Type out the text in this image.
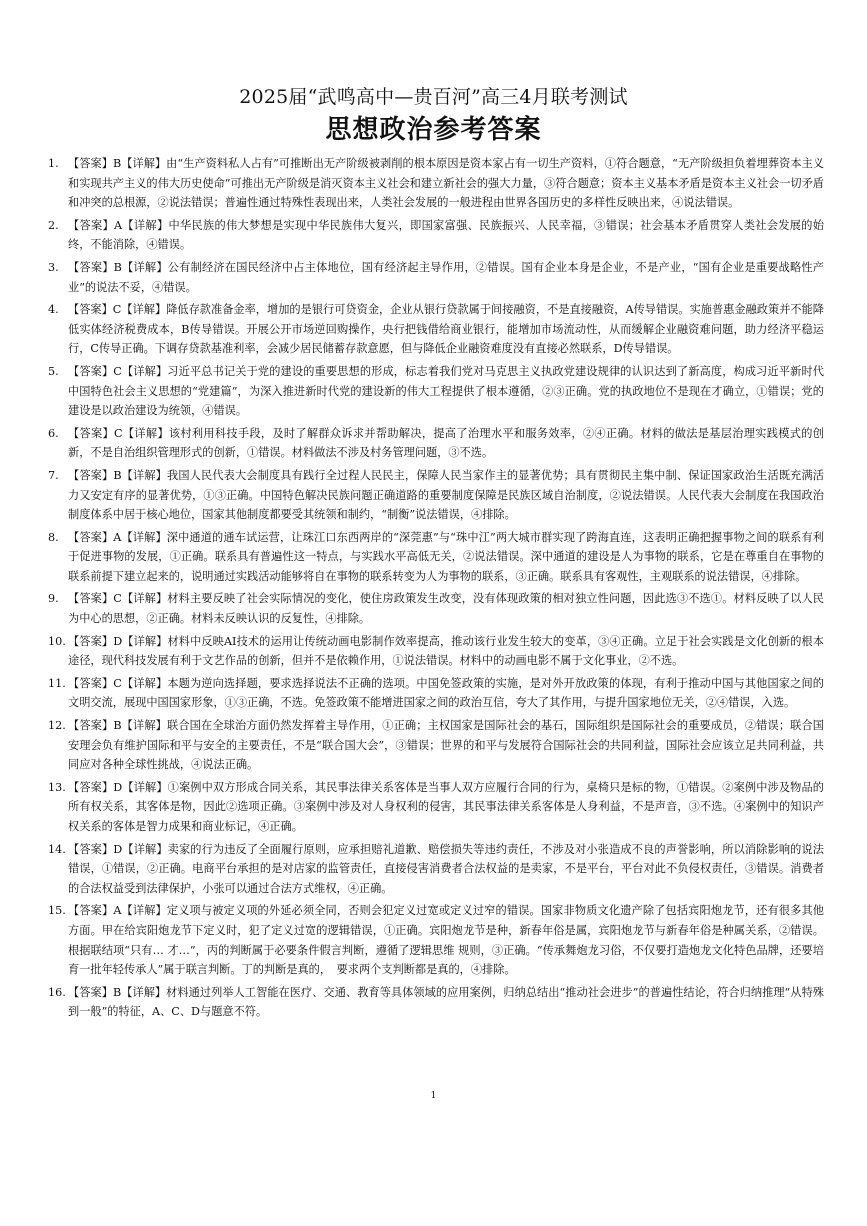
2025届“武鸣高中—贵百河”高三4月联考测试
思想政治参考答案
1. 【答案】B【详解】由“生产资料私人占有”可推断出无产阶级被剥削的根本原因是资本家占有一切生产资料，①符合题意，“无产阶级担负着埋葬资本主义和实现共产主义的伟大历史使命”可推出无产阶级是消灭资本主义社会和建立新社会的强大力量，③符合题意；资本主义基本矛盾是资本主义社会一切矛盾和冲突的总根源，②说法错误；普遍性通过特殊性表现出来，人类社会发展的一般进程由世界各国历史的多样性反映出来，④说法错误。
2. 【答案】A【详解】中华民族的伟大梦想是实现中华民族伟大复兴，即国家富强、民族振兴、人民幸福，③错误；社会基本矛盾贯穿人类社会发展的始终，不能消除，④错误。
3. 【答案】B【详解】公有制经济在国民经济中占主体地位，国有经济起主导作用，②错误。国有企业本身是企业，不是产业，“国有企业是重要战略性产业”的说法不妥，④错误。
4. 【答案】C【详解】降低存款准备金率，增加的是银行可贷资金，企业从银行贷款属于间接融资，不是直接融资，A传导错误。实施普惠金融政策并不能降低实体经济税费成本，B传导错误。开展公开市场逆回购操作，央行把钱借给商业银行，能增加市场流动性，从而缓解企业融资难问题，助力经济平稳运行，C传导正确。下调存贷款基准利率，会减少居民储蓄存款意愿，但与降低企业融资难度没有直接必然联系，D传导错误。
5. 【答案】C【详解】习近平总书记关于党的建设的重要思想的形成，标志着我们党对马克思主义执政党建设规律的认识达到了新高度，构成习近平新时代中国特色社会主义思想的“党建篇”，为深入推进新时代党的建设新的伟大工程提供了根本遵循，②③正确。党的执政地位不是现在才确立，①错误；党的建设是以政治建设为统领，④错误。
6. 【答案】C【详解】该村利用科技手段，及时了解群众诉求并帮助解决，提高了治理水平和服务效率，②④正确。材料的做法是基层治理实践模式的创新，不是自治组织管理形式的创新，①错误。材料做法不涉及村务管理问题，③不选。
7. 【答案】B【详解】我国人民代表大会制度具有践行全过程人民民主，保障人民当家作主的显著优势；具有贯彻民主集中制、保证国家政治生活既充满活力又安定有序的显著优势，①③正确。中国特色解决民族问题正确道路的重要制度保障是民族区域自治制度，②说法错误。人民代表大会制度在我国政治制度体系中居于核心地位，国家其他制度都要受其统领和制约，“制衡”说法错误，④排除。
8. 【答案】A【详解】深中通道的通车试运营，让珠江口东西两岸的“深莞惠”与“珠中江”两大城市群实现了跨海直连，这表明正确把握事物之间的联系有利于促进事物的发展，①正确。联系具有普遍性这一特点，与实践水平高低无关，②说法错误。深中通道的建设是人为事物的联系，它是在尊重自在事物的联系前提下建立起来的，说明通过实践活动能够将自在事物的联系转变为人为事物的联系，③正确。联系具有客观性，主观联系的说法错误，④排除。
9. 【答案】C【详解】材料主要反映了社会实际情况的变化，使住房政策发生改变，没有体现政策的相对独立性问题，因此选③不选①。材料反映了以人民为中心的思想，②正确。材料未反映认识的反复性，④排除。
10. 【答案】D【详解】材料中反映AI技术的运用让传统动画电影制作效率提高，推动该行业发生较大的变革，③④正确。立足于社会实践是文化创新的根本途径，现代科技发展有利于文艺作品的创新，但并不是依赖作用，①说法错误。材料中的动画电影不属于文化事业，②不选。
11. 【答案】C【详解】本题为逆向选择题，要求选择说法不正确的选项。中国免签政策的实施，是对外开放政策的体现，有利于推动中国与其他国家之间的文明交流，展现中国国家形象，①③正确，不选。免签政策不能增进国家之间的政治互信，夸大了其作用，与提升国家地位无关，②④错误，入选。
12. 【答案】B【详解】联合国在全球治方面仍然发挥着主导作用，①正确；主权国家是国际社会的基石，国际组织是国际社会的重要成员，②错误；联合国安理会负有维护国际和平与安全的主要责任，不是“联合国大会”，③错误；世界的和平与发展符合国际社会的共同利益，国际社会应该立足共同利益，共同应对各种全球性挑战，④说法正确。
13. 【答案】D【详解】①案例中双方形成合同关系，其民事法律关系客体是当事人双方应履行合同的行为，桌椅只是标的物，①错误。②案例中涉及物品的所有权关系，其客体是物，因此②选项正确。③案例中涉及对人身权利的侵害，其民事法律关系客体是人身利益，不是声音，③不选。④案例中的知识产权关系的客体是智力成果和商业标记，④正确。
14. 【答案】D【详解】卖家的行为违反了全面履行原则，应承担赔礼道歉、赔偿损失等违约责任，不涉及对小张造成不良的声誉影响，所以消除影响的说法错误，①错误，②正确。电商平台承担的是对店家的监管责任，直接侵害消费者合法权益的是卖家，不是平台，平台对此不负侵权责任，③错误。消费者的合法权益受到法律保护，小张可以通过合法方式维权，④正确。
15. 【答案】A【详解】定义项与被定义项的外延必须全同，否则会犯定义过宽或定义过窄的错误。国家非物质文化遗产除了包括宾阳炮龙节，还有很多其他方面。甲在给宾阳炮龙节下定义时，犯了定义过宽的逻辑错误，①正确。宾阳炮龙节是种，新春年俗是属，宾阳炮龙节与新春年俗是种属关系，②错误。根据联结项“只有… 才…”，丙的判断属于必要条件假言判断，遵循了逻辑思维 规则，③正确。“传承舞炮龙习俗，不仅要打造炮龙文化特色品牌，还要培育一批年轻传承人”属于联言判断。丁的判断是真的，　要求两个支判断都是真的，④排除。
16. 【答案】B【详解】材料通过列举人工智能在医疗、交通、教育等具体领域的应用案例，归纳总结出“推动社会进步”的普遍性结论，符合归纳推理“从特殊到一般”的特征，A、C、D与题意不符。
1
